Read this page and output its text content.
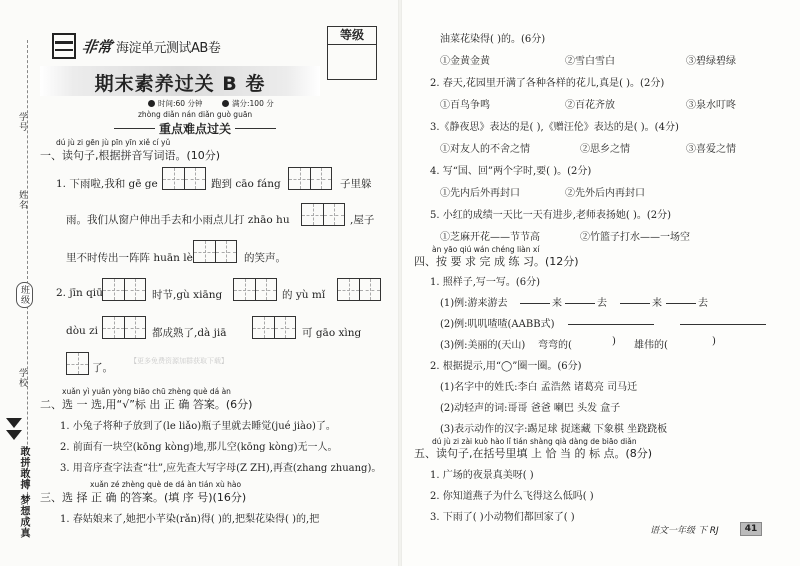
学号
姓名
班级
学校
敢拼敢搏 梦想成真
非常 海淀单元测试AB卷
等级
期末素养过关 B 卷
时间:60 分钟	满分:100 分
zhòng diǎn nán diǎn guò guān
重点难点过关
dú jù zi gēn jù pīn yīn xiě cí yǔ
一、读句子,根据拼音写词语。(10分)
1. 下雨啦,我和 gē ge	跑到 cāo fáng	子里躲
雨。我们从窗户伸出手去和小雨点儿打 zhāo hu	,屋子
里不时传出一阵阵 huān lè	的笑声。
2. jīn qiū	时节,gù xiāng	的 yù mǐ
dòu zi	都成熟了,dà jiā	可 gāo xìng
了。
【更多免费资源加群获取下载】
xuǎn yì yuǎn yòng biāo chū zhèng què dá àn
二、选 一 选,用“√”标 出 正 确 答案。(6分)
1. 小兔子将种子放到了(le liǎo)瓶子里就去睡觉(jué jiào)了。
2. 前面有一块空(kōng kòng)地,那儿空(kōng kòng)无一人。
3. 用音序查字法查“壮”,应先查大写字母(Z ZH),再查(zhang zhuang)。
xuǎn zé zhèng què de dá àn tián xù hào
三、选 择 正 确 的答案。(填 序 号)(16分)
1. 春姑娘来了,她把小芊染(rǎn)得( )的,把梨花染得( )的,把
油菜花染得( )的。(6分)
①金黄金黄	②雪白雪白	③碧绿碧绿
2. 春天,花园里开满了各种各样的花儿,真是( )。(2分)
①百鸟争鸣	②百花齐放	③泉水叮咚
3.《静夜思》表达的是( ),《赠汪伦》表达的是( )。(4分)
①对友人的不舍之情	②思乡之情	③喜爱之情
4. 写“国、回”两个字时,要( )。(2分)
①先内后外再封口	②先外后内再封口
5. 小红的成绩一天比一天有进步,老师表扬她( )。(2分)
①芝麻开花——节节高	②竹篮子打水——一场空
àn yāo qiú wán chéng liàn xí
四、按 要 求 完 成 练 习。(12分)
1. 照样子,写一写。(6分)
(1)例:游来游去	来	去	来	去
(2)例:叽叽喳喳(AABB式)
(3)例:美丽的(天山) 弯弯的(	) 雄伟的(	)
2. 根据提示,用“◯”圈一圈。(6分)
(1)名字中的姓氏:李白 孟浩然 诸葛亮 司马迁
(2)动轻声的词:哥哥 爸爸 喇巴 头发 盒子
(3)表示动作的汉字:踢足球 捉迷藏 下象棋 坐跷跷板
dú jù zi zài kuò hào lǐ tián shàng qià dàng de biāo diǎn
五、读句子,在括号里填 上 恰 当 的 标 点。(8分)
1. 广场的夜景真美呀( )
2. 你知道燕子为什么飞得这么低吗( )
3. 下雨了( )小动物们都回家了( )
语文一年级 下 RJ	41
